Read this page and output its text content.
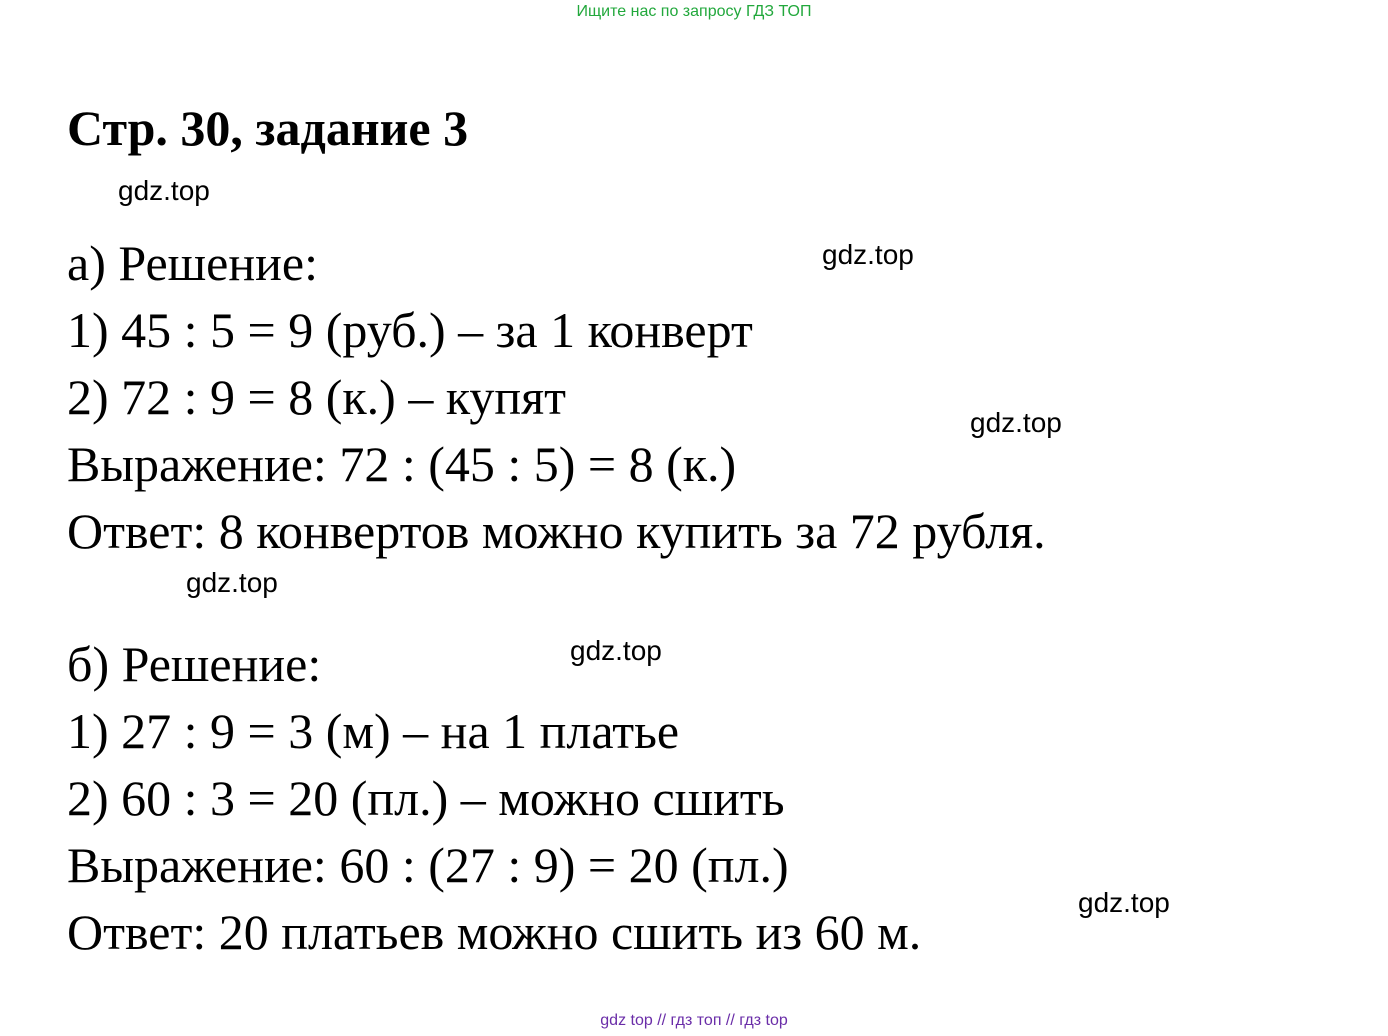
Ищите нас по запросу ГДЗ ТОП
Стр. 30, задание 3
gdz.top
а) Решение:	gdz.top
1) 45 : 5 = 9 (руб.) – за 1 конверт
2) 72 : 9 = 8 (к.) – купят	gdz.top
Выражение: 72 : (45 : 5) = 8 (к.)
Ответ: 8 конвертов можно купить за 72 рубля.
gdz.top
gdz.top
б) Решение:
1) 27 : 9 = 3 (м) – на 1 платье
2) 60 : 3 = 20 (пл.) – можно сшить
Выражение: 60 : (27 : 9) = 20 (пл.)
gdz.top
Ответ: 20 платьев можно сшить из 60 м.
gdz top // гдз топ // гдз top
